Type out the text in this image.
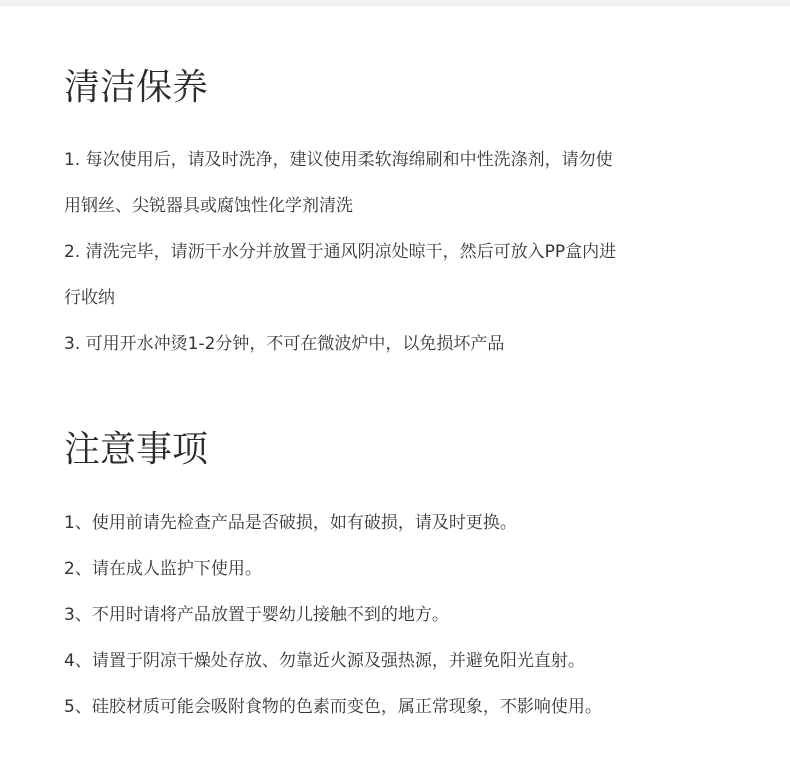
清洁保养

1. 每次使用后，请及时洗净，建议使用柔软海绵刷和中性洗涤剂，请勿使

用钢丝、尖锐器具或腐蚀性化学剂清洗

2. 清洗完毕，请沥干水分并放置于通风阴凉处晾干，然后可放入PP盒内进

行收纳

3. 可用开水冲烫1-2分钟，不可在微波炉中，以免损坏产品

注意事项

1、使用前请先检查产品是否破损，如有破损，请及时更换。

2、请在成人监护下使用。

3、不用时请将产品放置于婴幼儿接触不到的地方。

4、请置于阴凉干燥处存放、勿靠近火源及强热源，并避免阳光直射。

5、硅胶材质可能会吸附食物的色素而变色，属正常现象，不影响使用。
